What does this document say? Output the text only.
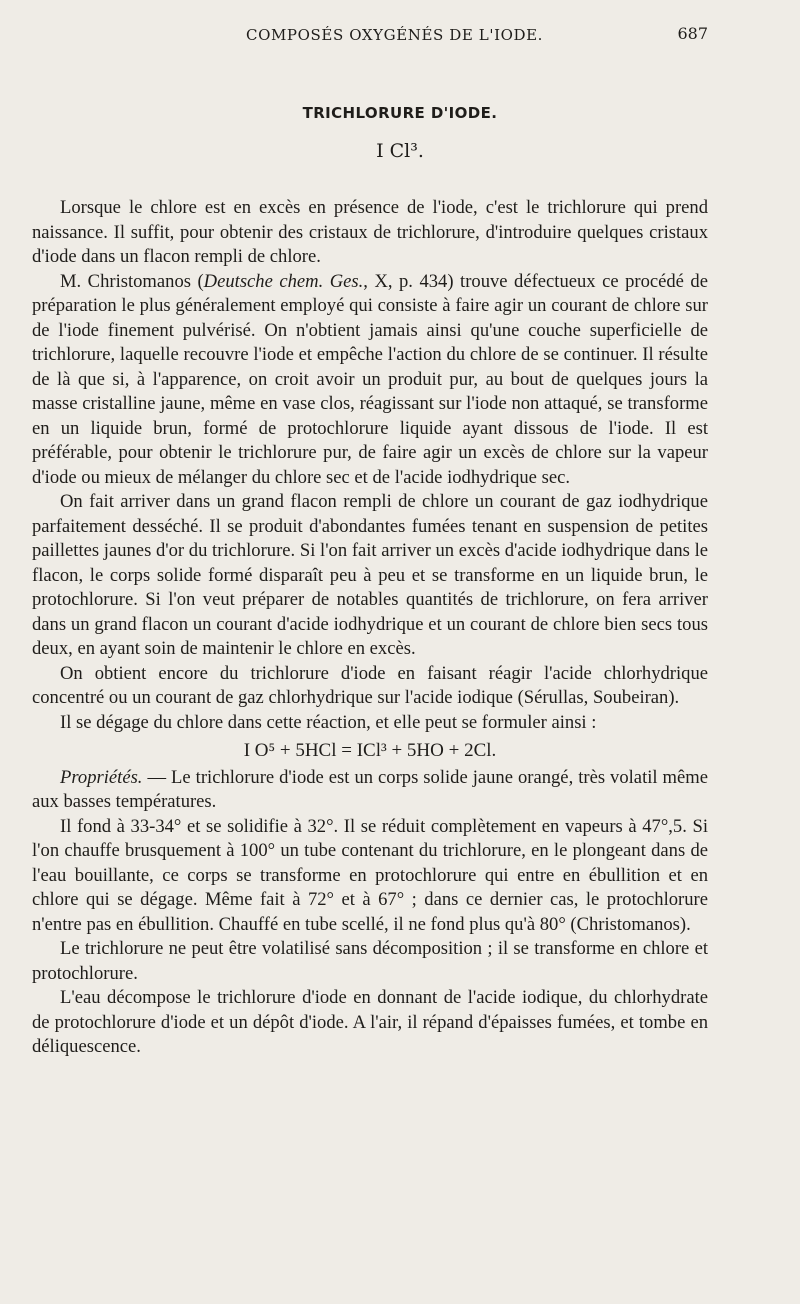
COMPOSÉS OXYGÉNÉS DE L'IODE.	687
TRICHLORURE D'IODE.
I Cl³.

Lorsque le chlore est en excès en présence de l'iode, c'est le trichlorure qui prend naissance. Il suffit, pour obtenir des cristaux de trichlorure, d'introduire quelques cristaux d'iode dans un flacon rempli de chlore.

M. Christomanos (Deutsche chem. Ges., X, p. 434) trouve défectueux ce procédé de préparation le plus généralement employé qui consiste à faire agir un courant de chlore sur de l'iode finement pulvérisé. On n'obtient jamais ainsi qu'une couche superficielle de trichlorure, laquelle recouvre l'iode et empêche l'action du chlore de se continuer. Il résulte de là que si, à l'apparence, on croit avoir un produit pur, au bout de quelques jours la masse cristalline jaune, même en vase clos, réagissant sur l'iode non attaqué, se transforme en un liquide brun, formé de protochlorure liquide ayant dissous de l'iode. Il est préférable, pour obtenir le trichlorure pur, de faire agir un excès de chlore sur la vapeur d'iode ou mieux de mélanger du chlore sec et de l'acide iodhydrique sec.

On fait arriver dans un grand flacon rempli de chlore un courant de gaz iodhydrique parfaitement desséché. Il se produit d'abondantes fumées tenant en suspension de petites paillettes jaunes d'or du trichlorure. Si l'on fait arriver un excès d'acide iodhydrique dans le flacon, le corps solide formé disparaît peu à peu et se transforme en un liquide brun, le protochlorure. Si l'on veut préparer de notables quantités de trichlorure, on fera arriver dans un grand flacon un courant d'acide iodhydrique et un courant de chlore bien secs tous deux, en ayant soin de maintenir le chlore en excès.

On obtient encore du trichlorure d'iode en faisant réagir l'acide chlorhydrique concentré ou un courant de gaz chlorhydrique sur l'acide iodique (Sérullas, Soubeiran).

Il se dégage du chlore dans cette réaction, et elle peut se formuler ainsi :

I O⁵ + 5HCl = ICl³ + 5HO + 2Cl.

Propriétés. — Le trichlorure d'iode est un corps solide jaune orangé, très volatil même aux basses températures.

Il fond à 33-34° et se solidifie à 32°. Il se réduit complètement en vapeurs à 47°,5. Si l'on chauffe brusquement à 100° un tube contenant du trichlorure, en le plongeant dans de l'eau bouillante, ce corps se transforme en protochlorure qui entre en ébullition et en chlore qui se dégage. Même fait à 72° et à 67° ; dans ce dernier cas, le protochlorure n'entre pas en ébullition. Chauffé en tube scellé, il ne fond plus qu'à 80° (Christomanos).

Le trichlorure ne peut être volatilisé sans décomposition ; il se transforme en chlore et protochlorure.

L'eau décompose le trichlorure d'iode en donnant de l'acide iodique, du chlorhydrate de protochlorure d'iode et un dépôt d'iode. A l'air, il répand d'épaisses fumées, et tombe en déliquescence.
